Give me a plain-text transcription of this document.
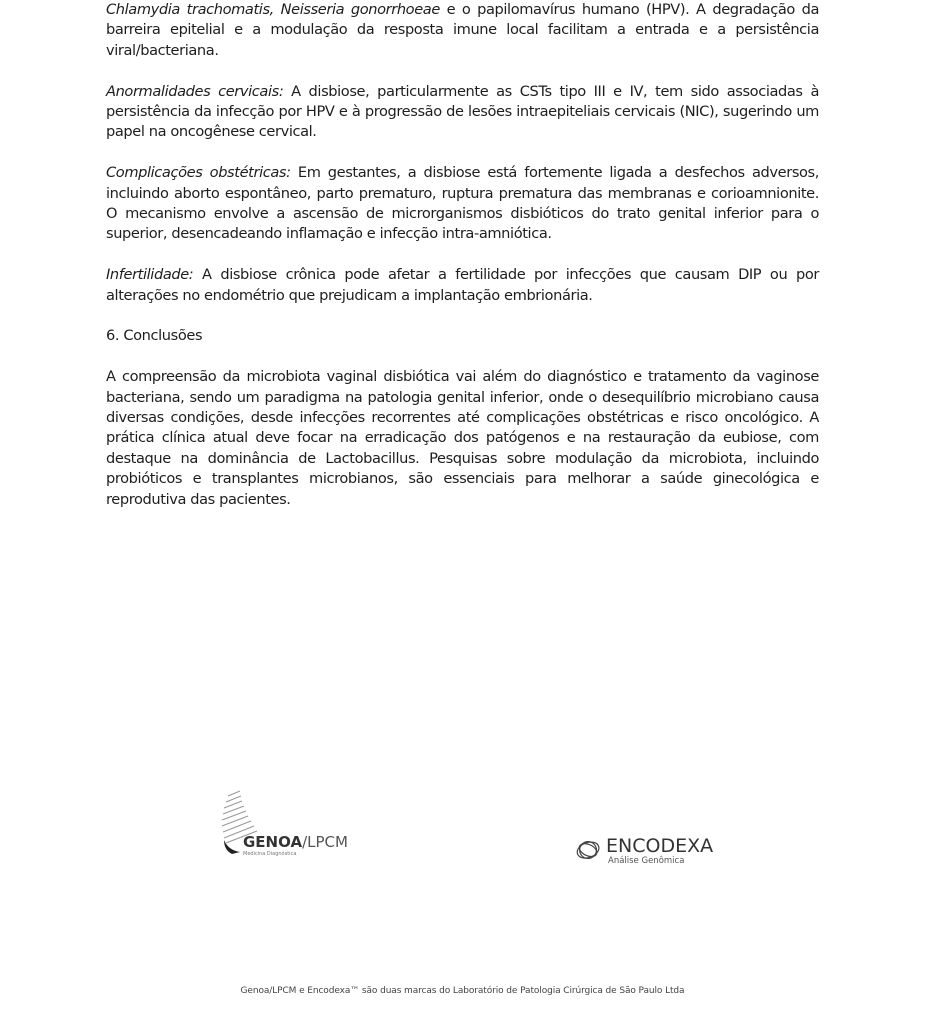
Chlamydia trachomatis, Neisseria gonorrhoeae e o papilomavírus humano (HPV). A degradação da barreira epitelial e a modulação da resposta imune local facilitam a entrada e a persistência viral/bacteriana.

Anormalidades cervicais: A disbiose, particularmente as CSTs tipo III e IV, tem sido associadas à persistência da infecção por HPV e à progressão de lesões intraepiteliais cervicais (NIC), sugerindo um papel na oncogênese cervical.

Complicações obstétricas: Em gestantes, a disbiose está fortemente ligada a desfechos adversos, incluindo aborto espontâneo, parto prematuro, ruptura prematura das membranas e corioamnionite. O mecanismo envolve a ascensão de microrganismos disbióticos do trato genital inferior para o superior, desencadeando inflamação e infecção intra-amniótica.

Infertilidade: A disbiose crônica pode afetar a fertilidade por infecções que causam DIP ou por alterações no endométrio que prejudicam a implantação embrionária.

6. Conclusões

A compreensão da microbiota vaginal disbiótica vai além do diagnóstico e tratamento da vaginose bacteriana, sendo um paradigma na patologia genital inferior, onde o desequilíbrio microbiano causa diversas condições, desde infecções recorrentes até complicações obstétricas e risco oncológico. A prática clínica atual deve focar na erradicação dos patógenos e na restauração da eubiose, com destaque na dominância de Lactobacillus. Pesquisas sobre modulação da microbiota, incluindo probióticos e transplantes microbianos, são essenciais para melhorar a saúde ginecológica e reprodutiva das pacientes.

GENOA/LPCM
Medicina Diagnóstica	ENCODEXA
Análise Genômica
Genoa/LPCM e Encodexa™ são duas marcas do Laboratório de Patologia Cirúrgica de São Paulo Ltda
